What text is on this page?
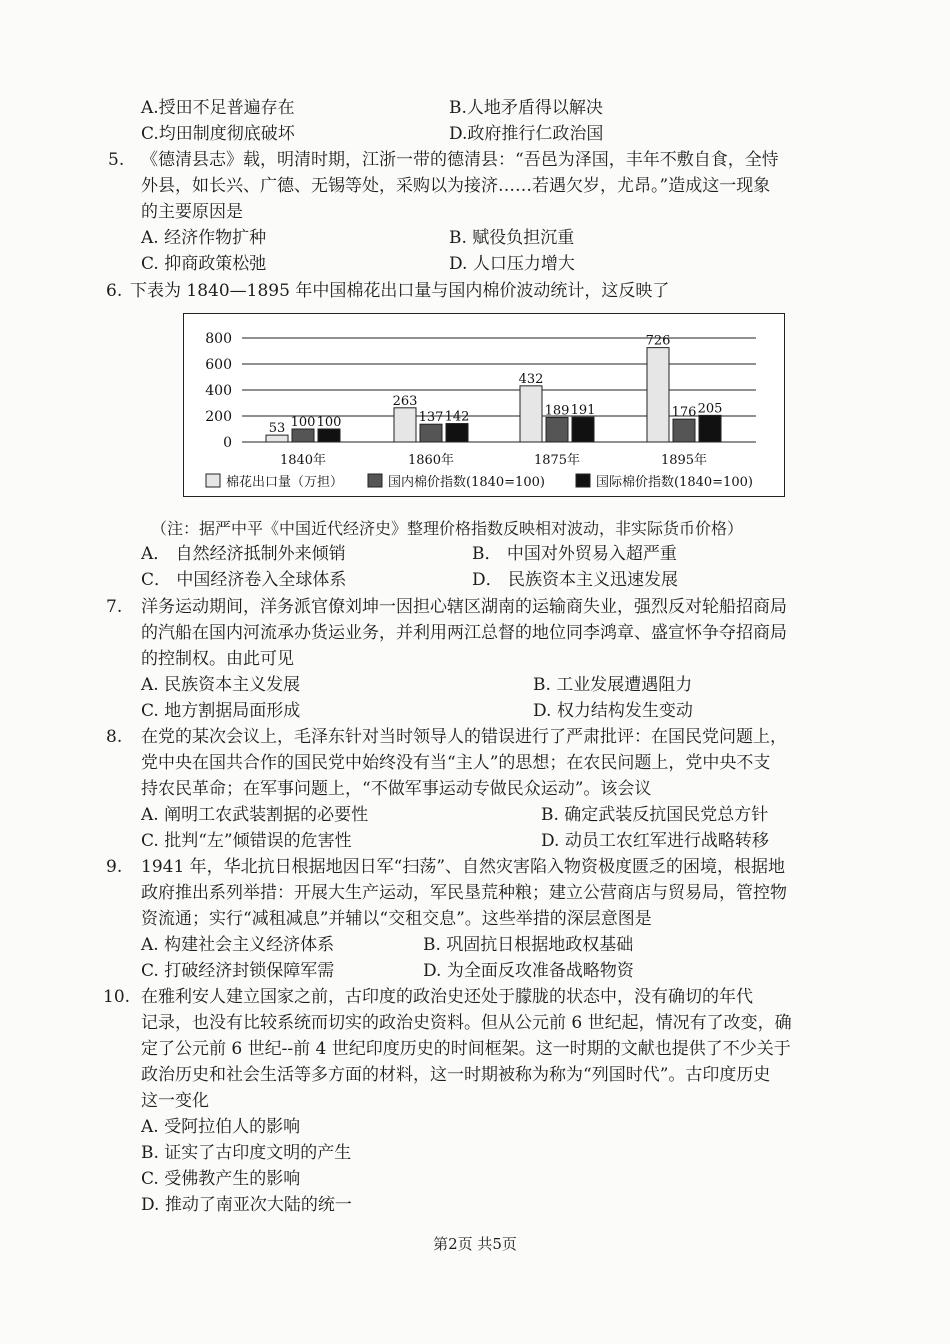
A.授田不足普遍存在	B.人地矛盾得以解决
C.均田制度彻底破坏	D.政府推行仁政治国
5. 《德清县志》载，明清时期，江浙一带的德清县：“吾邑为泽国，丰年不敷自食，全恃
外县，如长兴、广德、无锡等处，采购以为接济……若遇欠岁，尤昂。”造成这一现象
的主要原因是
A. 经济作物扩种	B. 赋役负担沉重
C. 抑商政策松弛	D. 人口压力增大
6. 下表为 1840—1895 年中国棉花出口量与国内棉价波动统计，这反映了
800
600
400
200
0
53 100 100
1840年
263
137 142
1860年
432
189 191
1875年
726
176 205
1895年
棉花出口量（万担）	国内棉价指数(1840=100)	国际棉价指数(1840=100)
（注：据严中平《中国近代经济史》整理价格指数反映相对波动，非实际货币价格）
A． 自然经济抵制外来倾销	B． 中国对外贸易入超严重
C． 中国经济卷入全球体系	D． 民族资本主义迅速发展
7. 洋务运动期间，洋务派官僚刘坤一因担心辖区湖南的运输商失业，强烈反对轮船招商局
的汽船在国内河流承办货运业务，并利用两江总督的地位同李鸿章、盛宣怀争夺招商局
的控制权。由此可见
A. 民族资本主义发展	B. 工业发展遭遇阻力
C. 地方割据局面形成	D. 权力结构发生变动
8. 在党的某次会议上，毛泽东针对当时领导人的错误进行了严肃批评：在国民党问题上，
党中央在国共合作的国民党中始终没有当“主人”的思想；在农民问题上，党中央不支
持农民革命；在军事问题上，“不做军事运动专做民众运动”。该会议
A. 阐明工农武装割据的必要性	B. 确定武装反抗国民党总方针
C. 批判“左”倾错误的危害性	D. 动员工农红军进行战略转移
9. 1941 年，华北抗日根据地因日军“扫荡”、自然灾害陷入物资极度匮乏的困境，根据地
政府推出系列举措：开展大生产运动，军民垦荒种粮；建立公营商店与贸易局，管控物
资流通；实行“减租减息”并辅以“交租交息”。这些举措的深层意图是
A. 构建社会主义经济体系	B. 巩固抗日根据地政权基础
C. 打破经济封锁保障军需	D. 为全面反攻准备战略物资
10. 在雅利安人建立国家之前，古印度的政治史还处于朦胧的状态中，没有确切的年代
记录，也没有比较系统而切实的政治史资料。但从公元前 6 世纪起，情况有了改变，确
定了公元前 6 世纪--前 4 世纪印度历史的时间框架。这一时期的文献也提供了不少关于
政治历史和社会生活等多方面的材料，这一时期被称为称为“列国时代”。古印度历史
这一变化
A. 受阿拉伯人的影响
B. 证实了古印度文明的产生
C. 受佛教产生的影响
D. 推动了南亚次大陆的统一
第2页 共5页
